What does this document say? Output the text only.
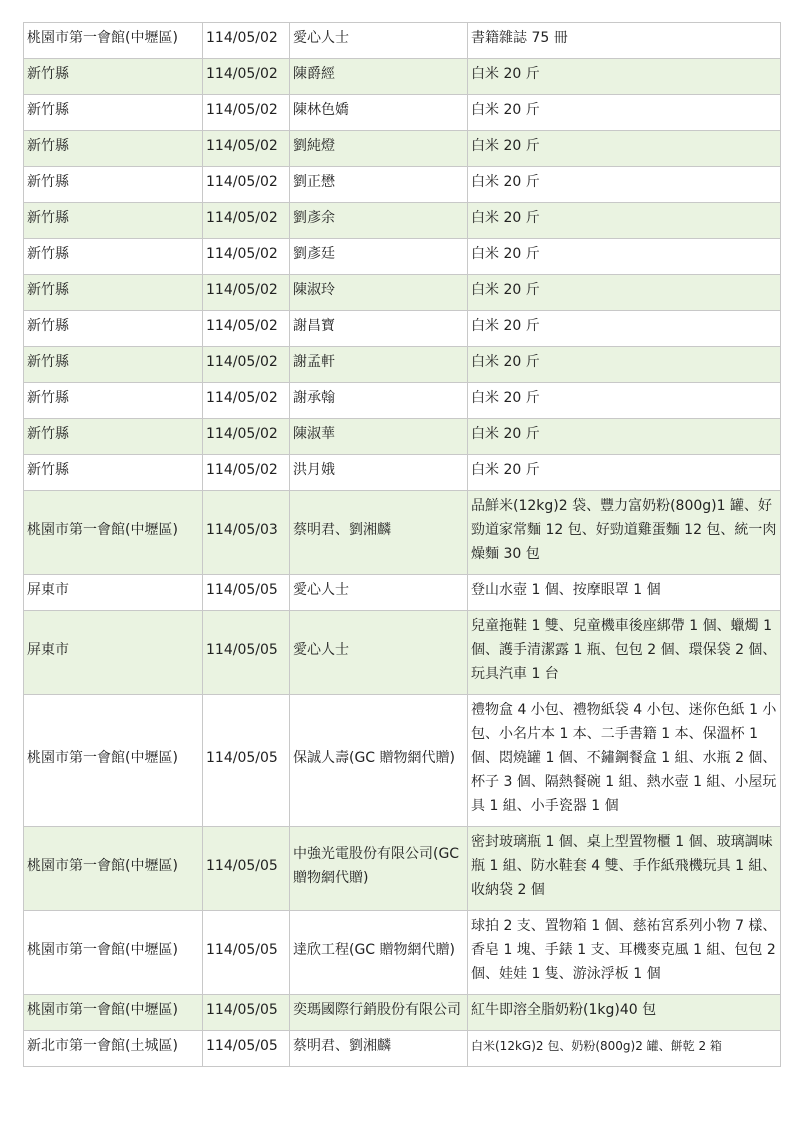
桃園市第一會館(中壢區)	114/05/02	愛心人士	書籍雜誌 75 冊
新竹縣	114/05/02	陳爵經	白米 20 斤
新竹縣	114/05/02	陳林色嬌	白米 20 斤
新竹縣	114/05/02	劉純燈	白米 20 斤
新竹縣	114/05/02	劉正懋	白米 20 斤
新竹縣	114/05/02	劉彥余	白米 20 斤
新竹縣	114/05/02	劉彥廷	白米 20 斤
新竹縣	114/05/02	陳淑玲	白米 20 斤
新竹縣	114/05/02	謝昌寶	白米 20 斤
新竹縣	114/05/02	謝孟軒	白米 20 斤
新竹縣	114/05/02	謝承翰	白米 20 斤
新竹縣	114/05/02	陳淑華	白米 20 斤
新竹縣	114/05/02	洪月娥	白米 20 斤
桃園市第一會館(中壢區)	114/05/03	蔡明君、劉湘麟	品鮮米(12kg)2 袋、豐力富奶粉(800g)1 罐、好勁道家常麵 12 包、好勁道雞蛋麵 12 包、統一肉燥麵 30 包
屏東市	114/05/05	愛心人士	登山水壺 1 個、按摩眼罩 1 個
屏東市	114/05/05	愛心人士	兒童拖鞋 1 雙、兒童機車後座綁帶 1 個、蠟燭 1 個、護手清潔露 1 瓶、包包 2 個、環保袋 2 個、玩具汽車 1 台
桃園市第一會館(中壢區)	114/05/05	保誠人壽(GC 贈物網代贈)	禮物盒 4 小包、禮物紙袋 4 小包、迷你色紙 1 小包、小名片本 1 本、二手書籍 1 本、保溫杯 1 個、悶燒罐 1 個、不鏽鋼餐盒 1 組、水瓶 2 個、杯子 3 個、隔熱餐碗 1 組、熱水壺 1 組、小屋玩具 1 組、小手瓷器 1 個
桃園市第一會館(中壢區)	114/05/05	中強光電股份有限公司(GC 贈物網代贈)	密封玻璃瓶 1 個、桌上型置物櫃 1 個、玻璃調味瓶 1 組、防水鞋套 4 雙、手作紙飛機玩具 1 組、收納袋 2 個
桃園市第一會館(中壢區)	114/05/05	達欣工程(GC 贈物網代贈)	球拍 2 支、置物箱 1 個、慈祐宮系列小物 7 樣、香皂 1 塊、手錶 1 支、耳機麥克風 1 組、包包 2 個、娃娃 1 隻、游泳浮板 1 個
桃園市第一會館(中壢區)	114/05/05	奕瑪國際行銷股份有限公司	紅牛即溶全脂奶粉(1kg)40 包
新北市第一會館(土城區)	114/05/05	蔡明君、劉湘麟	白米(12kG)2 包、奶粉(800g)2 罐、餅乾 2 箱
